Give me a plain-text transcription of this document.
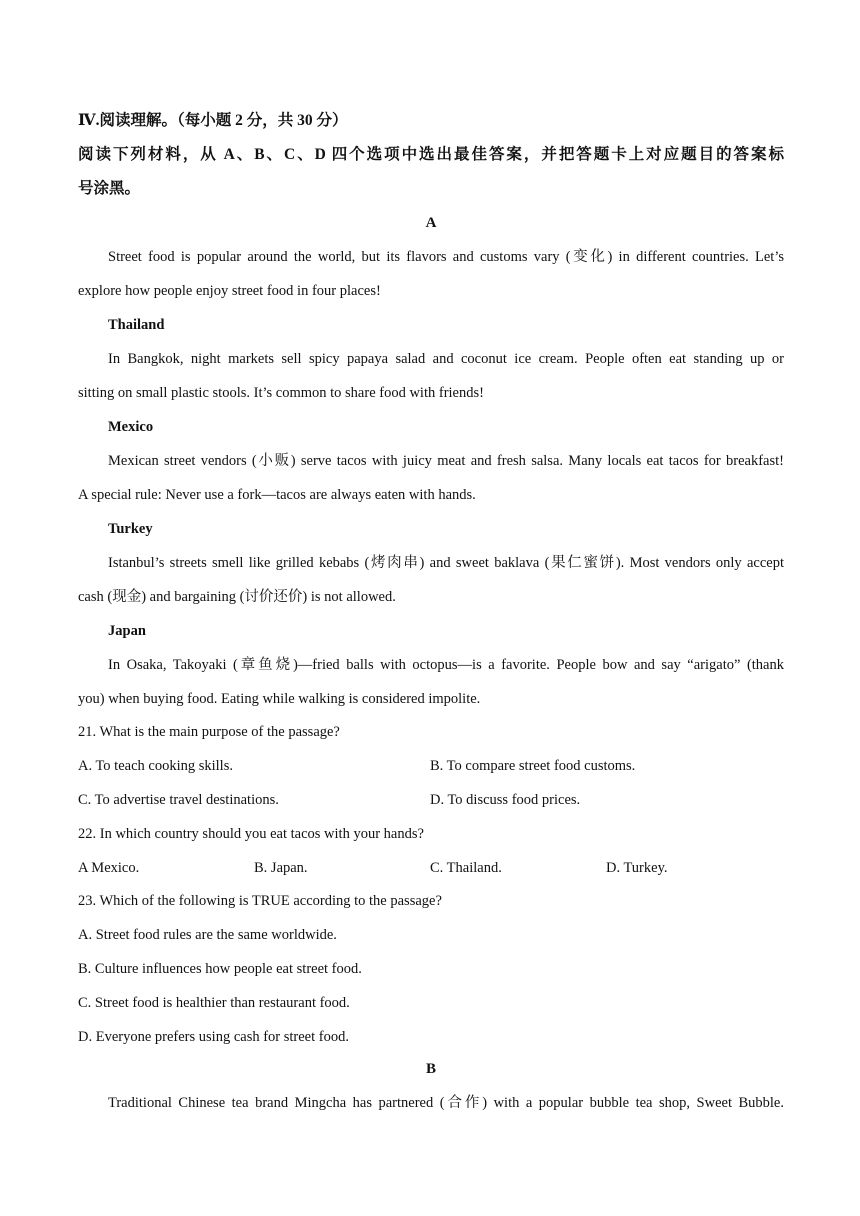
Ⅳ.阅读理解。（每小题 2 分，共 30 分）
阅读下列材料，从 A、B、C、D 四个选项中选出最佳答案，并把答题卡上对应题目的答案标
号涂黑。
A
Street food is popular around the world, but its flavors and customs vary (变化) in different countries. Let’s
explore how people enjoy street food in four places!
Thailand
In Bangkok, night markets sell spicy papaya salad and coconut ice cream. People often eat standing up or
sitting on small plastic stools. It’s common to share food with friends!
Mexico
Mexican street vendors (小贩) serve tacos with juicy meat and fresh salsa. Many locals eat tacos for breakfast!
A special rule: Never use a fork—tacos are always eaten with hands.
Turkey
Istanbul’s streets smell like grilled kebabs (烤肉串) and sweet baklava (果仁蜜饼). Most vendors only accept
cash (现金) and bargaining (讨价还价) is not allowed.
Japan
In Osaka, Takoyaki (章鱼烧)—fried balls with octopus—is a favorite. People bow and say “arigato” (thank
you) when buying food. Eating while walking is considered impolite.
21. What is the main purpose of the passage?
A. To teach cooking skills.	B. To compare street food customs.
C. To advertise travel destinations.	D. To discuss food prices.
22. In which country should you eat tacos with your hands?
A Mexico.	B. Japan.	C. Thailand.	D. Turkey.
23. Which of the following is TRUE according to the passage?
A. Street food rules are the same worldwide.
B. Culture influences how people eat street food.
C. Street food is healthier than restaurant food.
D. Everyone prefers using cash for street food.
B
Traditional Chinese tea brand Mingcha has partnered (合作) with a popular bubble tea shop, Sweet Bubble.
